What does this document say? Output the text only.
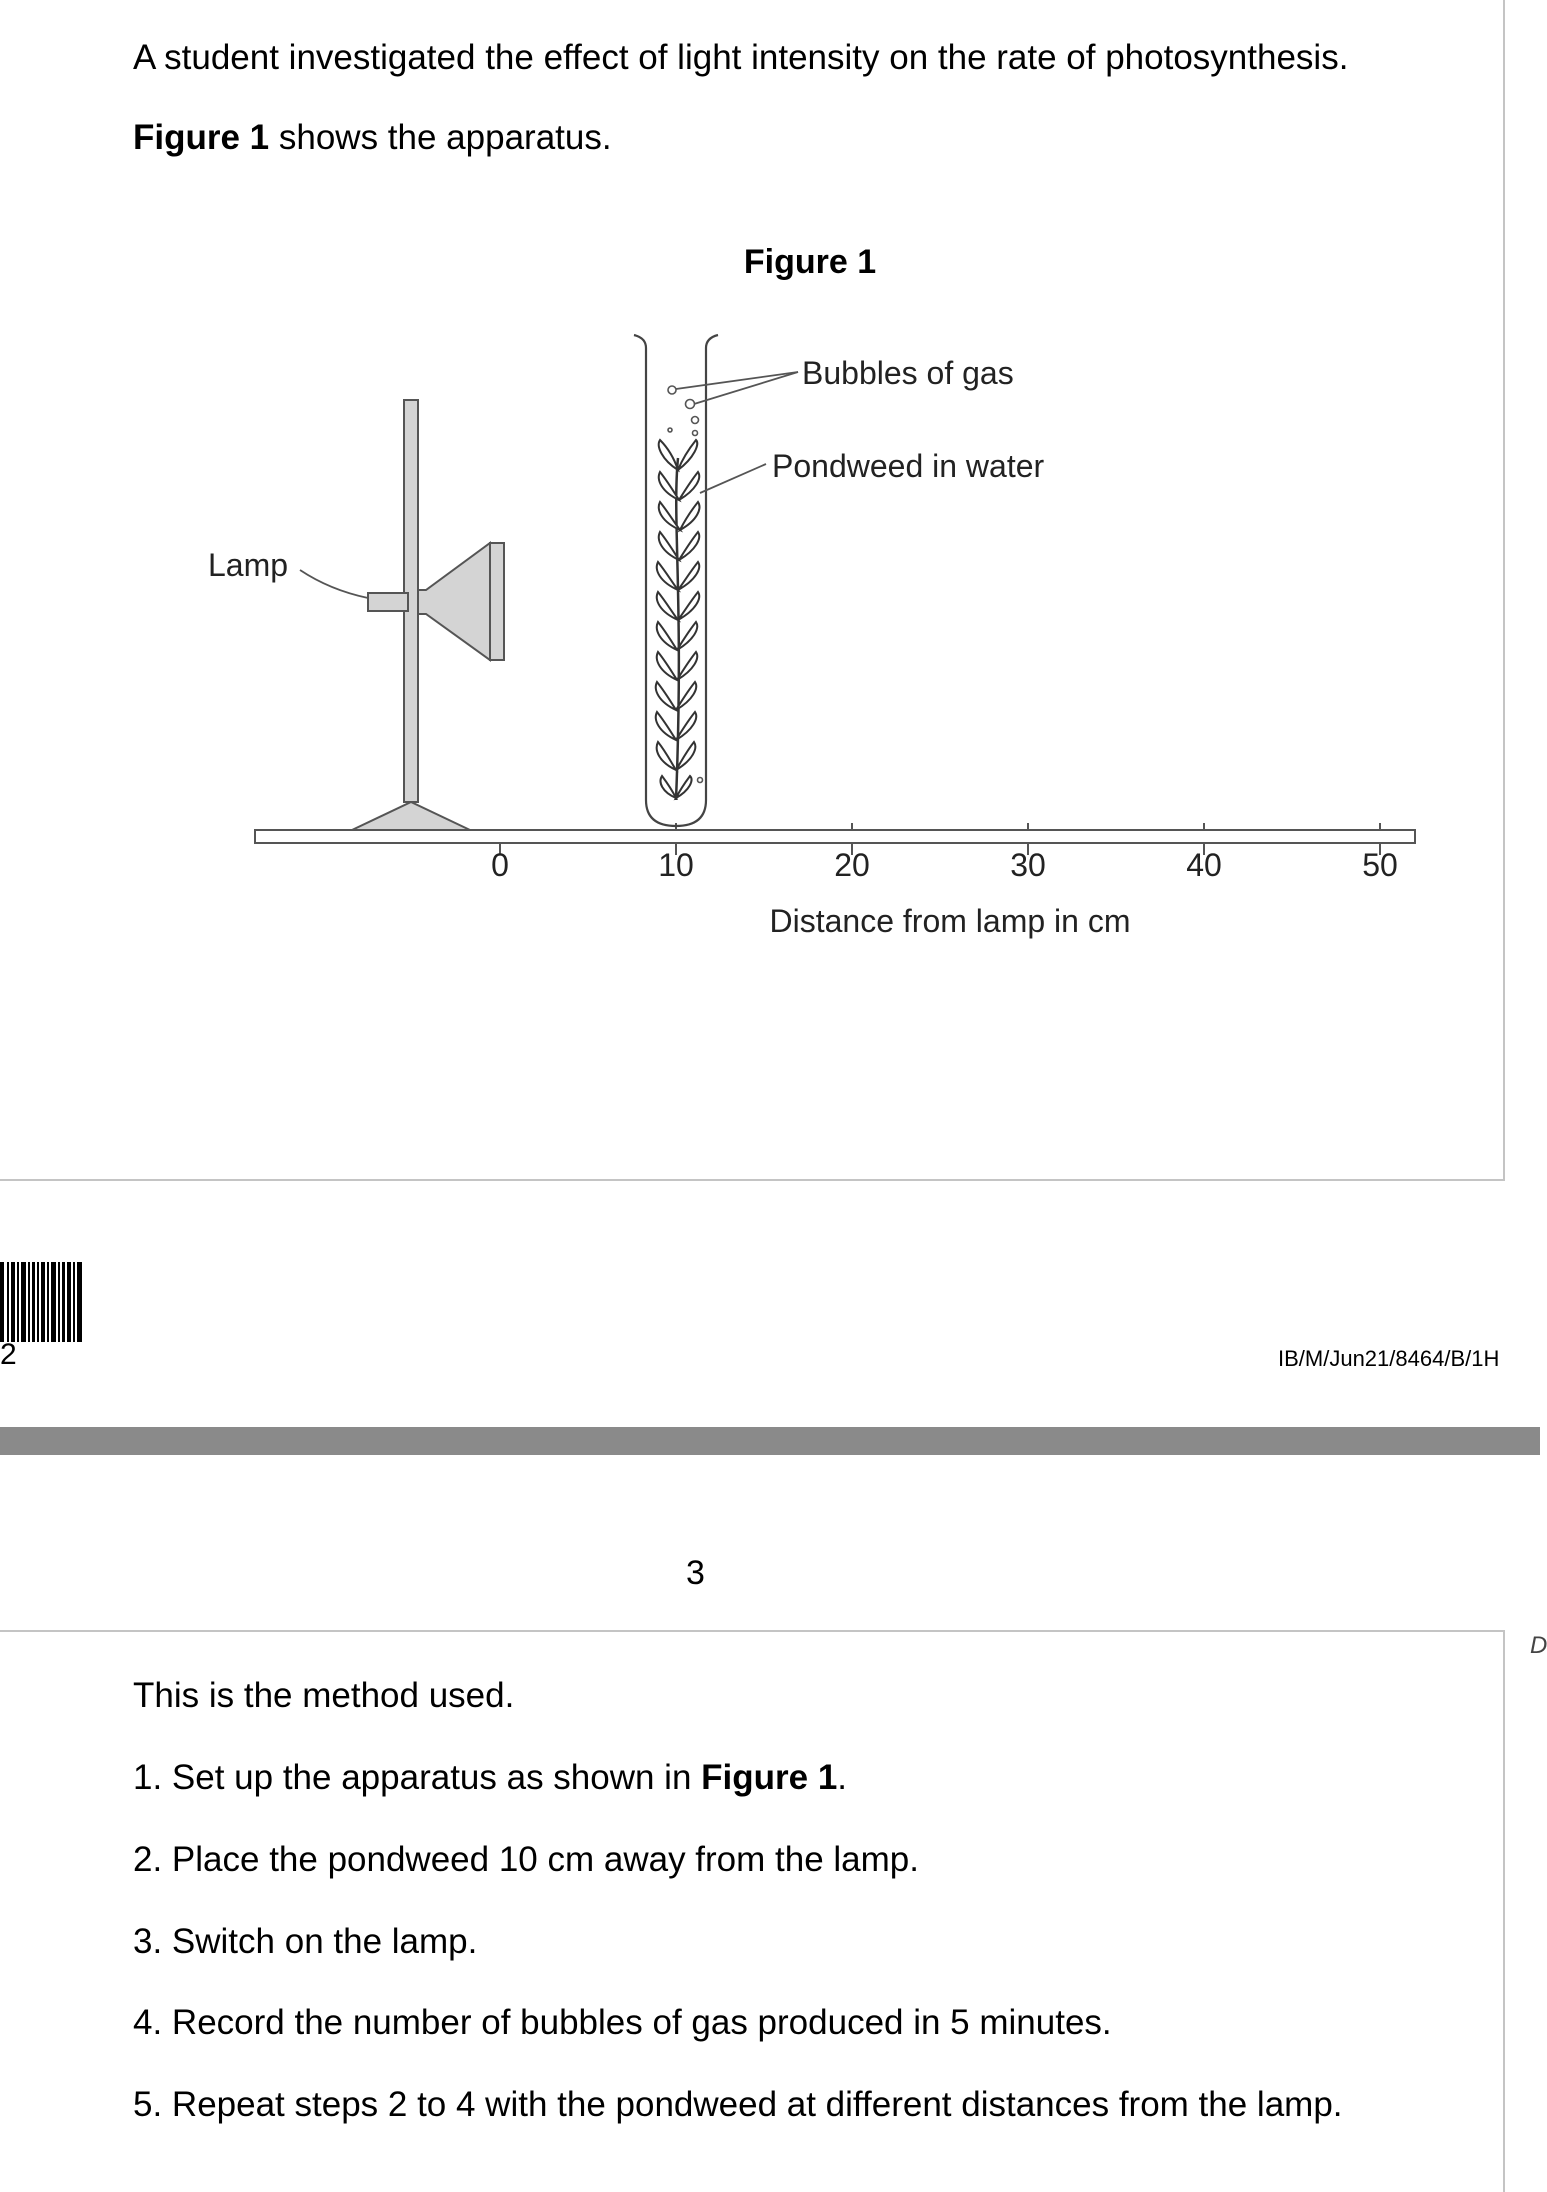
A student investigated the effect of light intensity on the rate of photosynthesis.
Figure 1 shows the apparatus.
Figure 1
0	10	20	30	40	50
Distance from lamp in cm
Lamp
Bubbles of gas
Pondweed in water
2	IB/M/Jun21/8464/B/1H
3
D
This is the method used.
1. Set up the apparatus as shown in Figure 1.
2. Place the pondweed 10 cm away from the lamp.
3. Switch on the lamp.
4. Record the number of bubbles of gas produced in 5 minutes.
5. Repeat steps 2 to 4 with the pondweed at different distances from the lamp.
